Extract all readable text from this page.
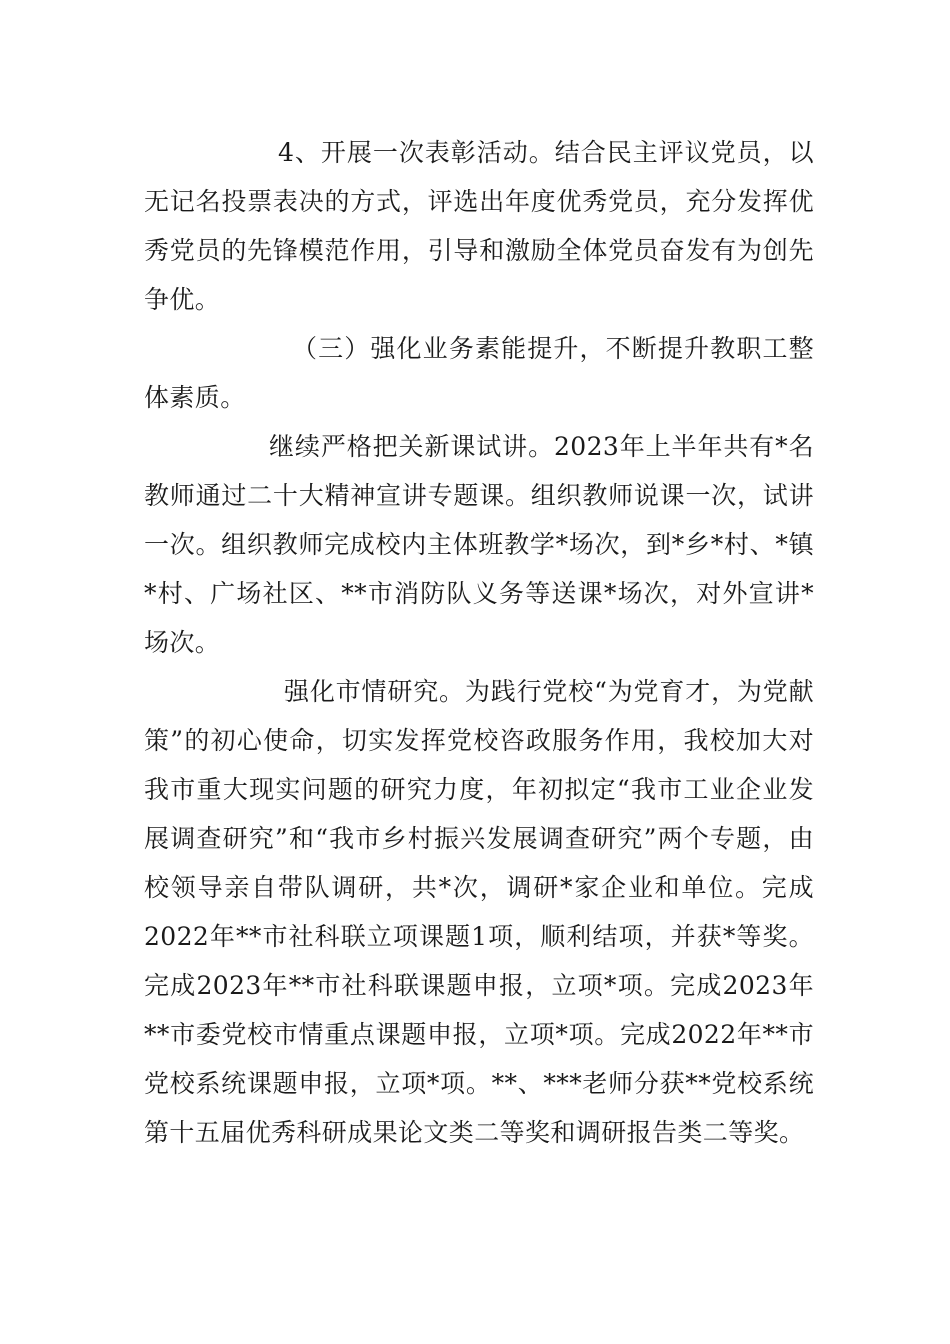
4、开展一次表彰活动。结合民主评议党员，以无记名投票表决的方式，评选出年度优秀党员，充分发挥优秀党员的先锋模范作用，引导和激励全体党员奋发有为创先争优。

（三）强化业务素能提升，不断提升教职工整体素质。

继续严格把关新课试讲。2023年上半年共有*名教师通过二十大精神宣讲专题课。组织教师说课一次，试讲一次。组织教师完成校内主体班教学*场次，到*乡*村、*镇*村、广场社区、**市消防队义务等送课*场次，对外宣讲*场次。

强化市情研究。为践行党校“为党育才，为党献策”的初心使命，切实发挥党校咨政服务作用，我校加大对我市重大现实问题的研究力度，年初拟定“我市工业企业发展调查研究”和“我市乡村振兴发展调查研究”两个专题，由校领导亲自带队调研，共*次，调研*家企业和单位。完成2022年**市社科联立项课题1项，顺利结项，并获*等奖。完成2023年**市社科联课题申报，立项*项。完成2023年**市委党校市情重点课题申报，立项*项。完成2022年**市党校系统课题申报，立项*项。**、***老师分获**党校系统第十五届优秀科研成果论文类二等奖和调研报告类二等奖。
